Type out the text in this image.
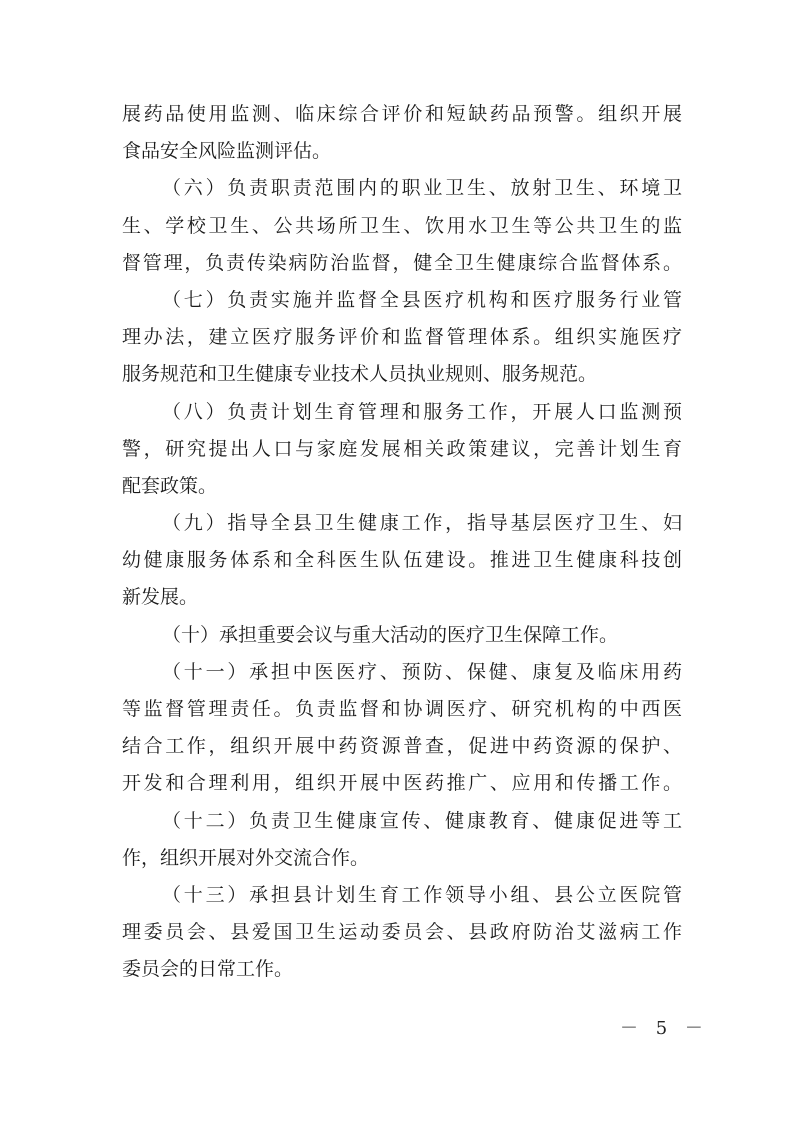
展药品使用监测、临床综合评价和短缺药品预警。组织开展
食品安全风险监测评估。
（六）负责职责范围内的职业卫生、放射卫生、环境卫
生、学校卫生、公共场所卫生、饮用水卫生等公共卫生的监
督管理，负责传染病防治监督，健全卫生健康综合监督体系。
（七）负责实施并监督全县医疗机构和医疗服务行业管
理办法，建立医疗服务评价和监督管理体系。组织实施医疗
服务规范和卫生健康专业技术人员执业规则、服务规范。
（八）负责计划生育管理和服务工作，开展人口监测预
警，研究提出人口与家庭发展相关政策建议，完善计划生育
配套政策。
（九）指导全县卫生健康工作，指导基层医疗卫生、妇
幼健康服务体系和全科医生队伍建设。推进卫生健康科技创
新发展。
（十）承担重要会议与重大活动的医疗卫生保障工作。
（十一）承担中医医疗、预防、保健、康复及临床用药
等监督管理责任。负责监督和协调医疗、研究机构的中西医
结合工作，组织开展中药资源普查，促进中药资源的保护、
开发和合理利用，组织开展中医药推广、应用和传播工作。
（十二）负责卫生健康宣传、健康教育、健康促进等工
作，组织开展对外交流合作。
（十三）承担县计划生育工作领导小组、县公立医院管
理委员会、县爱国卫生运动委员会、县政府防治艾滋病工作
委员会的日常工作。
－ 5 －
